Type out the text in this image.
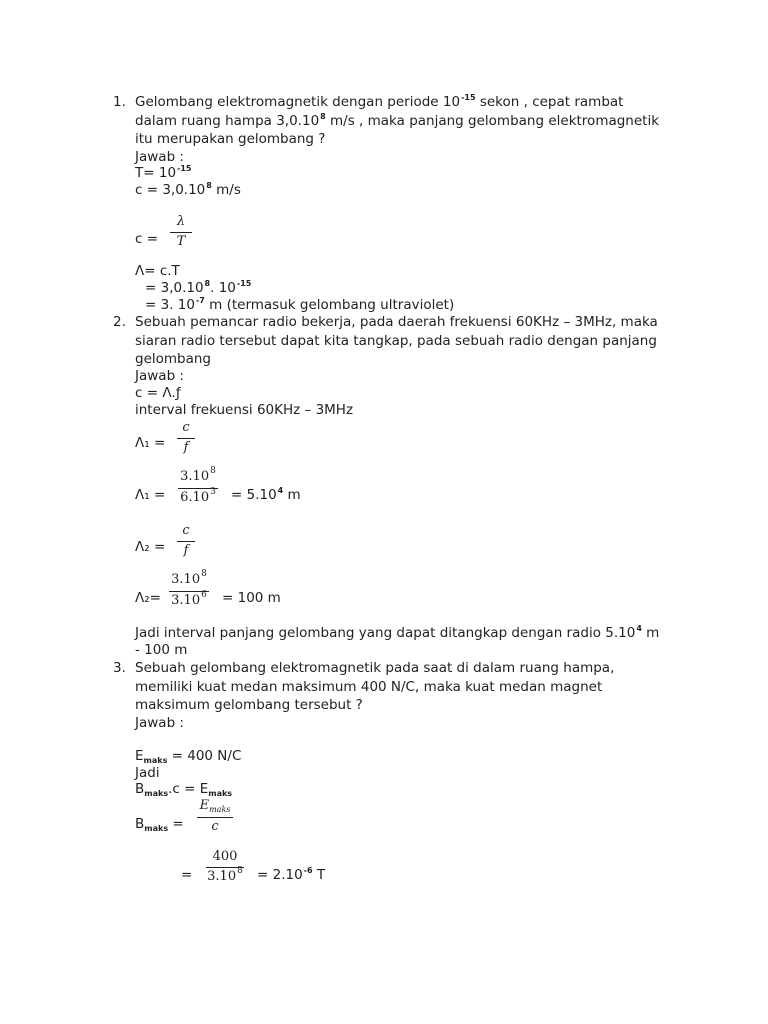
1. Gelombang elektromagnetik dengan periode $10^{-15}$ sekon , cepat rambat
dalam ruang hampa 3,0.10$^8$ m/s , maka panjang gelombang elektromagnetik
itu merupakan gelombang ?
Jawab :
$T= 10^{-15}$
$c = 3,0.10^8$ m/s
c =
λ
T
Λ= c.T
= $3,0.10^8$. $10^{-15}$
= 3. $10^{-7}$ m (termasuk gelombang ultraviolet)
2. Sebuah pemancar radio bekerja, pada daerah frekuensi 60KHz – 3MHz, maka
siaran radio tersebut dapat kita tangkap, pada sebuah radio dengan panjang
gelombang
Jawab :
c = Λ.ƒ
interval frekuensi 60KHz – 3MHz
Λ₁ =
c
f
Λ₁ =
$3.10^8$
$6.10^3 = 5.10^4$ m
Λ₂ =
c
f
Λ₂=
$3.10^8$
$3.10^6 = 100$ m
Jadi interval panjang gelombang yang dapat ditangkap dengan radio 5.10$^4$ m
- 100 m
3. Sebuah gelombang elektromagnetik pada saat di dalam ruang hampa,
memiliki kuat medan maksimum 400 N/C, maka kuat medan magnet
maksimum gelombang tersebut ?
Jawab :
$E_{maks} = 400$ N/C
Jadi
$B_{maks}.c = E_{maks}$
$B_{maks}$ =
$E_{maks}$
c
=
400
$3.10^8 = 2.10^{-6}$ T
